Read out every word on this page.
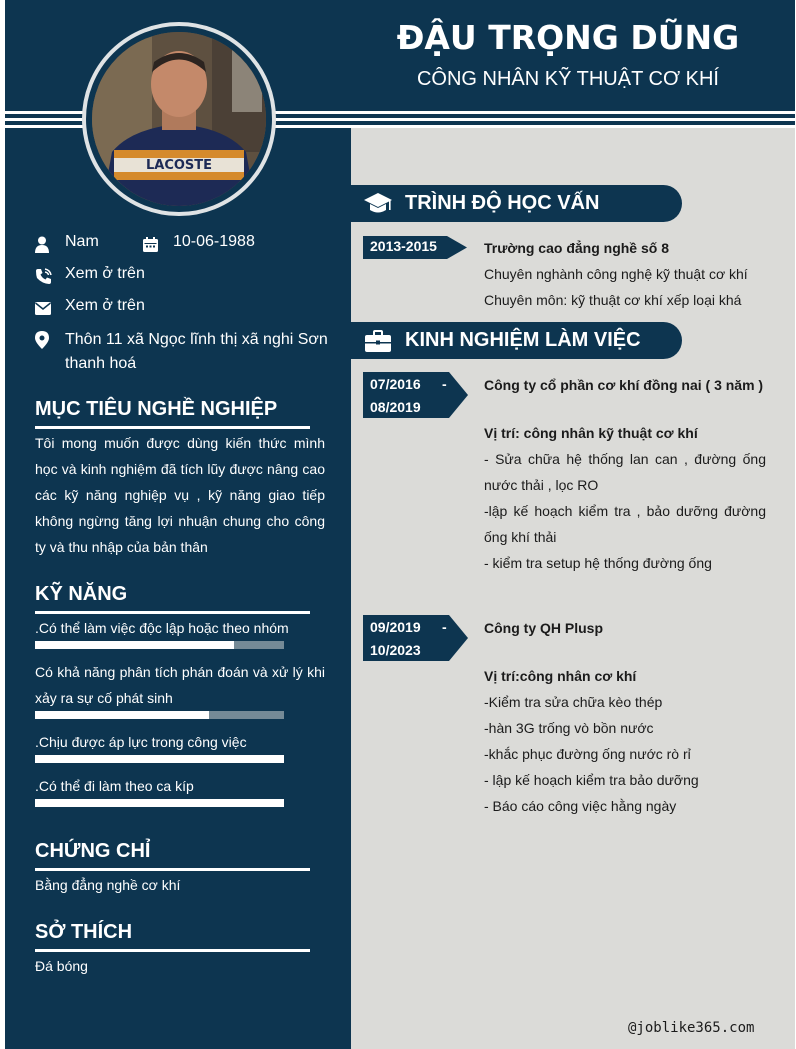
ĐẬU TRỌNG DŨNG
CÔNG NHÂN KỸ THUẬT CƠ KHÍ
LACOSTE
Nam	10-06-1988
Xem ở trên
Xem ở trên
Thôn 11 xã Ngọc lĩnh thị xã nghi Sơn thanh hoá
MỤC TIÊU NGHỀ NGHIỆP
Tôi mong muốn được dùng kiến thức mình học và kinh nghiệm đã tích lũy được nâng cao các kỹ năng nghiệp vụ , kỹ năng giao tiếp không ngừng tăng lợi nhuận chung cho công ty và thu nhập của bản thân
KỸ NĂNG
.Có thể làm việc độc lập hoặc theo nhóm
Có khả năng phân tích phán đoán và xử lý khi xảy ra sự cố phát sinh
.Chịu được áp lực trong công việc
.Có thể đi làm theo ca kíp
CHỨNG CHỈ
Bằng đẳng nghề cơ khí
SỞ THÍCH
Đá bóng
TRÌNH ĐỘ HỌC VẤN
2013-2015	Trường cao đẳng nghề số 8
Chuyên nghành công nghệ kỹ thuật cơ khí
Chuyên môn: kỹ thuật cơ khí xếp loại khá
KINH NGHIỆM LÀM VIỆC
07/2016 -
08/2019
Công ty cổ phần cơ khí đồng nai ( 3 năm )
Vị trí: công nhân kỹ thuật cơ khí
- Sửa chữa hệ thống lan can , đường ống nước thải , lọc RO
-lập kế hoạch kiểm tra , bảo dưỡng đường ống khí thải
- kiểm tra setup hệ thống đường ống
09/2019 -
10/2023
Công ty QH Plusp
Vị trí:công nhân cơ khí
-Kiểm tra sửa chữa kèo thép
-hàn 3G trống vò bồn nước
-khắc phục đường ống nước rò rỉ
- lập kế hoạch kiểm tra bảo dưỡng
- Báo cáo công việc hằng ngày
@joblike365.com
